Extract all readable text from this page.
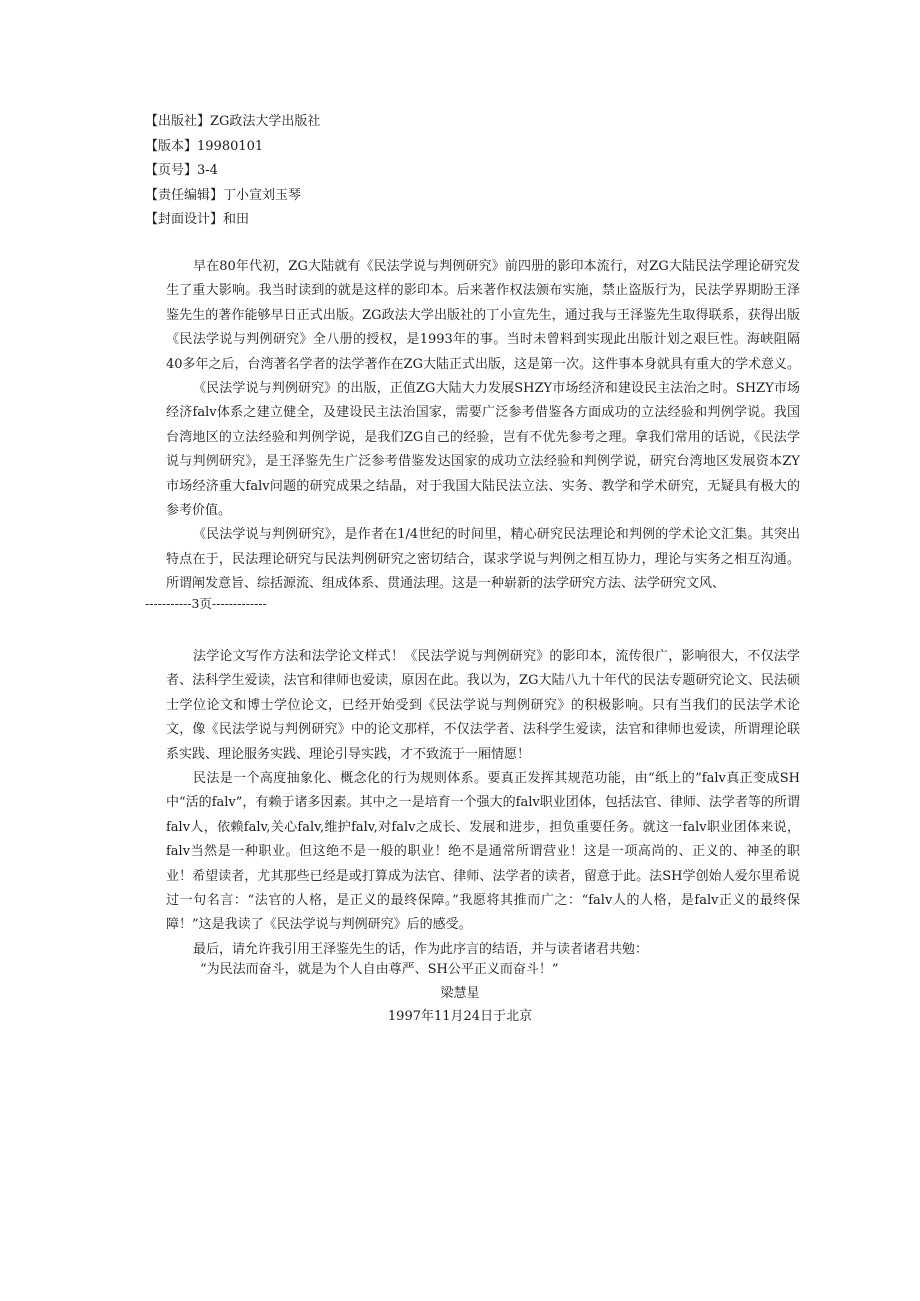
【出版社】ZG政法大学出版社

【版本】19980101

【页号】3-4

【责任编辑】丁小宣刘玉琴

【封面设计】和田

早在80年代初，ZG大陆就有《民法学说与判例研究》前四册的影印本流行，对ZG大陆民法学理论研究发生了重大影响。我当时读到的就是这样的影印本。后来著作权法颁布实施，禁止盗版行为，民法学界期盼王泽鉴先生的著作能够早日正式出版。ZG政法大学出版社的丁小宣先生，通过我与王泽鉴先生取得联系，获得出版《民法学说与判例研究》全八册的授权，是1993年的事。当时未曾料到实现此出版计划之艰巨性。海峡阻隔40多年之后，台湾著名学者的法学著作在ZG大陆正式出版，这是第一次。这件事本身就具有重大的学术意义。

《民法学说与判例研究》的出版，正值ZG大陆大力发展SHZY市场经济和建设民主法治之时。SHZY市场经济falv体系之建立健全，及建设民主法治国家，需要广泛参考借鉴各方面成功的立法经验和判例学说。我国台湾地区的立法经验和判例学说，是我们ZG自己的经验，岂有不优先参考之理。拿我们常用的话说，《民法学说与判例研究》，是王泽鉴先生广泛参考借鉴发达国家的成功立法经验和判例学说，研究台湾地区发展资本ZY市场经济重大falv问题的研究成果之结晶，对于我国大陆民法立法、实务、教学和学术研究，无疑具有极大的参考价值。

《民法学说与判例研究》，是作者在1/4世纪的时间里，精心研究民法理论和判例的学术论文汇集。其突出特点在于，民法理论研究与民法判例研究之密切结合，谋求学说与判例之相互协力，理论与实务之相互沟通。所谓阐发意旨、综括源流、组成体系、贯通法理。这是一种崭新的法学研究方法、法学研究文风、

-----------3页-------------

法学论文写作方法和法学论文样式！《民法学说与判例研究》的影印本，流传很广，影响很大，不仅法学者、法科学生爱读，法官和律师也爱读，原因在此。我以为，ZG大陆八九十年代的民法专题研究论文、民法硕士学位论文和博士学位论文，已经开始受到《民法学说与判例研究》的积极影响。只有当我们的民法学术论文，像《民法学说与判例研究》中的论文那样，不仅法学者、法科学生爱读，法官和律师也爱读，所谓理论联系实践、理论服务实践、理论引导实践，才不致流于一厢情愿！

民法是一个高度抽象化、概念化的行为规则体系。要真正发挥其规范功能，由“纸上的”falv真正变成SH中“活的falv”，有赖于诸多因素。其中之一是培育一个强大的falv职业团体，包括法官、律师、法学者等的所谓falv人，依赖falv,关心falv,维护falv,对falv之成长、发展和进步，担负重要任务。就这一falv职业团体来说，falv当然是一种职业。但这绝不是一般的职业！绝不是通常所谓营业！这是一项高尚的、正义的、神圣的职业！希望读者，尤其那些已经是或打算成为法官、律师、法学者的读者，留意于此。法SH学创始人爱尔里希说过一句名言：“法官的人格，是正义的最终保障。”我愿将其推而广之：“falv人的人格，是falv正义的最终保障！”这是我读了《民法学说与判例研究》后的感受。

最后，请允许我引用王泽鉴先生的话，作为此序言的结语，并与读者诸君共勉：

“为民法而奋斗，就是为个人自由尊严、SH公平正义而奋斗！”
梁慧星
1997年11月24日于北京
